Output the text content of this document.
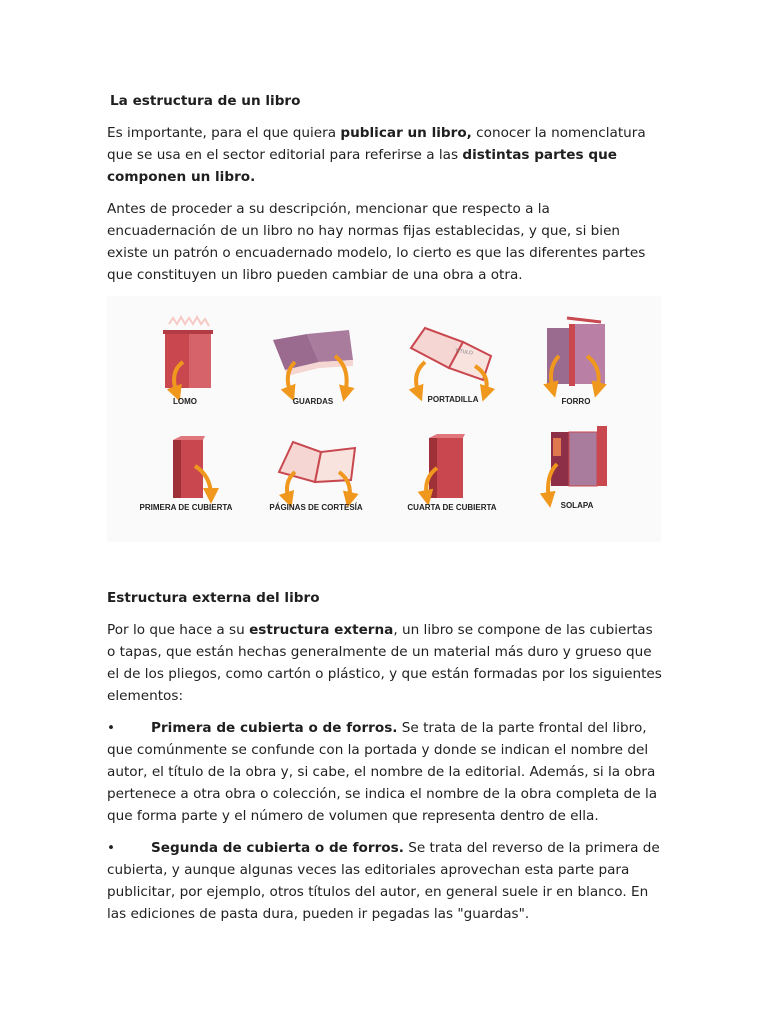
La estructura de un libro

Es importante, para el que quiera publicar un libro, conocer la nomenclatura que se usa en el sector editorial para referirse a las distintas partes que componen un libro.

Antes de proceder a su descripción, mencionar que respecto a la encuadernación de un libro no hay normas fijas establecidas, y que, si bien existe un patrón o encuadernado modelo, lo cierto es que las diferentes partes que constituyen un libro pueden cambiar de una obra a otra.

LOMO	GUARDAS
TITULO
PORTADILLA	FORRO
PRIMERA DE CUBIERTA	PÁGINAS DE CORTESÍA	CUARTA DE CUBIERTA	SOLAPA

Estructura externa del libro

Por lo que hace a su estructura externa, un libro se compone de las cubiertas o tapas, que están hechas generalmente de un material más duro y grueso que el de los pliegos, como cartón o plástico, y que están formadas por los siguientes elementos:

•	Primera de cubierta o de forros. Se trata de la parte frontal del libro, que comúnmente se confunde con la portada y donde se indican el nombre del autor, el título de la obra y, si cabe, el nombre de la editorial. Además, si la obra pertenece a otra obra o colección, se indica el nombre de la obra completa de la que forma parte y el número de volumen que representa dentro de ella.

•	Segunda de cubierta o de forros. Se trata del reverso de la primera de cubierta, y aunque algunas veces las editoriales aprovechan esta parte para publicitar, por ejemplo, otros títulos del autor, en general suele ir en blanco. En las ediciones de pasta dura, pueden ir pegadas las "guardas".
